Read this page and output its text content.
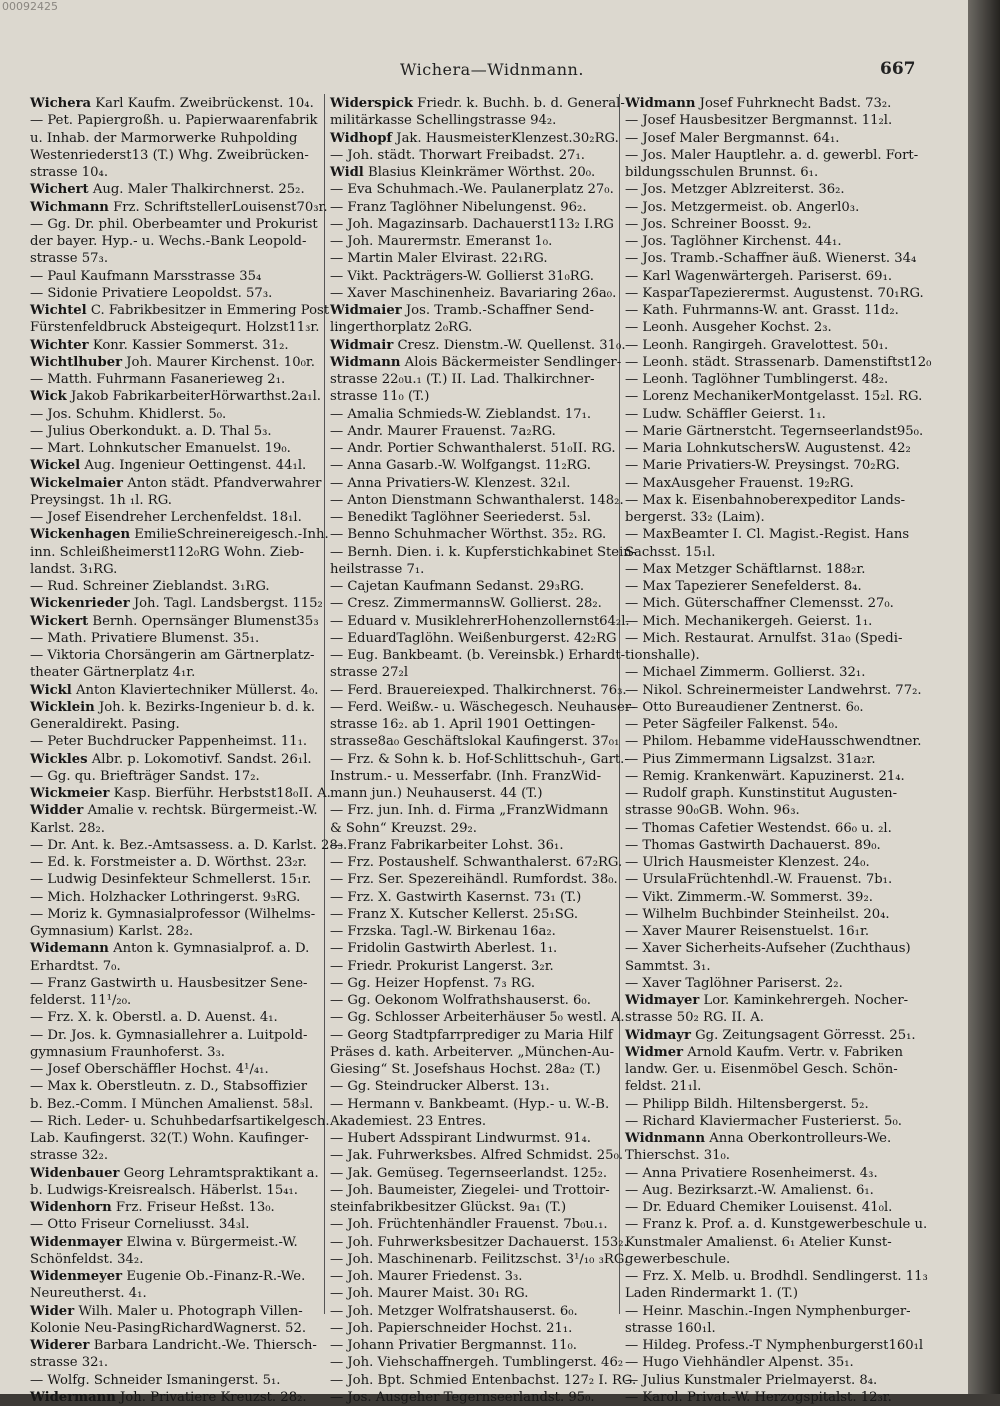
00092425
Wichera—Widnmann.	667
Wichera Karl Kaufm. Zweibrückenst. 10₄.
— Pet. Papiergroßh. u. Papierwaarenfabrik
u. Inhab. der Marmorwerke Ruhpolding
Westenriederst13 (T.) Whg. Zweibrücken-
strasse 10₄.
Wichert Aug. Maler Thalkirchnerst. 25₂.
Wichmann Frz. SchriftstellerLouisenst70₃r.
— Gg. Dr. phil. Oberbeamter und Prokurist
der bayer. Hyp.- u. Wechs.-Bank Leopold-
strasse 57₃.
— Paul Kaufmann Marsstrasse 35₄
— Sidonie Privatiere Leopoldst. 57₃.
Wichtel C. Fabrikbesitzer in Emmering Post
Fürstenfeldbruck Absteigequrt. Holzst11₃r.
Wichter Konr. Kassier Sommerst. 31₂.
Wichtlhuber Joh. Maurer Kirchenst. 10₀r.
— Matth. Fuhrmann Fasanerieweg 2₁.
Wick Jakob FabrikarbeiterHörwarthst.2a₁l.
— Jos. Schuhm. Khidlerst. 5₀.
— Julius Oberkondukt. a. D. Thal 5₃.
— Mart. Lohnkutscher Emanuelst. 19₀.
Wickel Aug. Ingenieur Oettingenst. 44₁l.
Wickelmaier Anton städt. Pfandverwahrer
Preysingst. 1h ₁l. RG.
— Josef Eisendreher Lerchenfeldst. 18₁l.
Wickenhagen EmilieSchreinereigesch.-Inh.
inn. Schleißheimerst112₀RG Wohn. Zieb-
landst. 3₁RG.
— Rud. Schreiner Zieblandst. 3₁RG.
Wickenrieder Joh. Tagl. Landsbergst. 115₂
Wickert Bernh. Opernsänger Blumenst35₃
— Math. Privatiere Blumenst. 35₁.
— Viktoria Chorsängerin am Gärtnerplatz-
theater Gärtnerplatz 4₁r.
Wickl Anton Klaviertechniker Müllerst. 4₀.
Wicklein Joh. k. Bezirks-Ingenieur b. d. k.
Generaldirekt. Pasing.
— Peter Buchdrucker Pappenheimst. 11₁.
Wickles Albr. p. Lokomotivf. Sandst. 26₁l.
— Gg. qu. Briefträger Sandst. 17₂.
Wickmeier Kasp. Bierführ. Herbstst18₀II. A.
Widder Amalie v. rechtsk. Bürgermeist.-W.
Karlst. 28₂.
— Dr. Ant. k. Bez.-Amtsassess. a. D. Karlst. 28₃.
— Ed. k. Forstmeister a. D. Wörthst. 23₂r.
— Ludwig Desinfekteur Schmellerst. 15₁r.
— Mich. Holzhacker Lothringerst. 9₃RG.
— Moriz k. Gymnasialprofessor (Wilhelms-
Gymnasium) Karlst. 28₂.
Widemann Anton k. Gymnasialprof. a. D.
Erhardtst. 7₀.
— Franz Gastwirth u. Hausbesitzer Sene-
felderst. 11¹/₂₀.
— Frz. X. k. Oberstl. a. D. Auenst. 4₁.
— Dr. Jos. k. Gymnasiallehrer a. Luitpold-
gymnasium Fraunhoferst. 3₃.
— Josef Oberschäffler Hochst. 4¹/₄₁.
— Max k. Oberstleutn. z. D., Stabsoffizier
b. Bez.-Comm. I München Amalienst. 58₃l.
— Rich. Leder- u. Schuhbedarfsartikelgesch.
Lab. Kaufingerst. 32(T.) Wohn. Kaufinger-
strasse 32₂.
Widenbauer Georg Lehramtspraktikant a.
b. Ludwigs-Kreisrealsch. Häberlst. 15₄₁.
Widenhorn Frz. Friseur Heßst. 13₀.
— Otto Friseur Corneliusst. 34₃l.
Widenmayer Elwina v. Bürgermeist.-W.
Schönfeldst. 34₂.
Widenmeyer Eugenie Ob.-Finanz-R.-We.
Neureutherst. 4₁.
Wider Wilh. Maler u. Photograph Villen-
Kolonie Neu-PasingRichardWagnerst. 52.
Widerer Barbara Landricht.-We. Thiersch-
strasse 32₁.
— Wolfg. Schneider Ismaningerst. 5₁.
Widermann Joh. Privatiere Kreuzst. 28₂.
Widerspick Friedr. k. Buchh. b. d. General-
militärkasse Schellingstrasse 94₂.
Widhopf Jak. HausmeisterKlenzest.30₂RG.
— Joh. städt. Thorwart Freibadst. 27₁.
Widl Blasius Kleinkrämer Wörthst. 20₀.
— Eva Schuhmach.-We. Paulanerplatz 27₀.
— Franz Taglöhner Nibelungenst. 96₂.
— Joh. Magazinsarb. Dachauerst113₂ I.RG
— Joh. Maurermstr. Emeranst 1₀.
— Martin Maler Elvirast. 22₁RG.
— Vikt. Packträgers-W. Gollierst 31₀RG.
— Xaver Maschinenheiz. Bavariaring 26a₀.
Widmaier Jos. Tramb.-Schaffner Send-
lingerthorplatz 2₀RG.
Widmair Cresz. Dienstm.-W. Quellenst. 31₀.
Widmann Alois Bäckermeister Sendlinger-
strasse 22₀u.₁ (T.) II. Lad. Thalkirchner-
strasse 11₀ (T.)
— Amalia Schmieds-W. Zieblandst. 17₁.
— Andr. Maurer Frauenst. 7a₂RG.
— Andr. Portier Schwanthalerst. 51₀II. RG.
— Anna Gasarb.-W. Wolfgangst. 11₂RG.
— Anna Privatiers-W. Klenzest. 32₁l.
— Anton Dienstmann Schwanthalerst. 148₂.
— Benedikt Taglöhner Seeriederst. 5₃l.
— Benno Schuhmacher Wörthst. 35₂. RG.
— Bernh. Dien. i. k. Kupferstichkabinet Stein-
heilstrasse 7₁.
— Cajetan Kaufmann Sedanst. 29₃RG.
— Cresz. ZimmermannsW. Gollierst. 28₂.
— Eduard v. MusiklehrerHohenzollernst64₂l.
— EduardTaglöhn. Weißenburgerst. 42₂RG
— Eug. Bankbeamt. (b. Vereinsbk.) Erhardt-
strasse 27₂l
— Ferd. Brauereiexped. Thalkirchnerst. 76₃.
— Ferd. Weißw.- u. Wäschegesch. Neuhauser-
strasse 16₂. ab 1. April 1901 Oettingen-
strasse8a₀ Geschäftslokal Kaufingerst. 37₀₁
— Frz. & Sohn k. b. Hof-Schlittschuh-, Gart.-
Instrum.- u. Messerfabr. (Inh. FranzWid-
mann jun.) Neuhauserst. 44 (T.)
— Frz. jun. Inh. d. Firma „FranzWidmann
& Sohn“ Kreuzst. 29₂.
— Franz Fabrikarbeiter Lohst. 36₁.
— Frz. Postaushelf. Schwanthalerst. 67₂RG.
— Frz. Ser. Spezereihändl. Rumfordst. 38₀.
— Frz. X. Gastwirth Kasernst. 73₁ (T.)
— Franz X. Kutscher Kellerst. 25₁SG.
— Frzska. Tagl.-W. Birkenau 16a₂.
— Fridolin Gastwirth Aberlest. 1₁.
— Friedr. Prokurist Langerst. 3₂r.
— Gg. Heizer Hopfenst. 7₃ RG.
— Gg. Oekonom Wolfrathshauserst. 6₀.
— Gg. Schlosser Arbeiterhäuser 5₀ westl. A.
— Georg Stadtpfarrprediger zu Maria Hilf
Präses d. kath. Arbeiterver. „München-Au-
Giesing“ St. Josefshaus Hochst. 28a₂ (T.)
— Gg. Steindrucker Alberst. 13₁.
— Hermann v. Bankbeamt. (Hyp.- u. W.-B.
Akademiest. 23 Entres.
— Hubert Adsspirant Lindwurmst. 91₄.
— Jak. Fuhrwerksbes. Alfred Schmidst. 25₀.
— Jak. Gemüseg. Tegernseerlandst. 125₂.
— Joh. Baumeister, Ziegelei- und Trottoir-
steinfabrikbesitzer Glückst. 9a₁ (T.)
— Joh. Früchtenhändler Frauenst. 7b₀u.₁.
— Joh. Fuhrwerksbesitzer Dachauerst. 153₂.
— Joh. Maschinenarb. Feilitzschst. 3¹/₁₀ ₃RG.
— Joh. Maurer Friedenst. 3₃.
— Joh. Maurer Maist. 30₁ RG.
— Joh. Metzger Wolfratshauserst. 6₀.
— Joh. Papierschneider Hochst. 21₁.
— Johann Privatier Bergmannst. 11₀.
— Joh. Viehschaffnergeh. Tumblingerst. 46₂
— Joh. Bpt. Schmied Entenbachst. 127₂ I. RG.
— Jos. Ausgeher Tegernseerlandst. 95₀.
Widmann Josef Fuhrknecht Badst. 73₂.
— Josef Hausbesitzer Bergmannst. 11₂l.
— Josef Maler Bergmannst. 64₁.
— Jos. Maler Hauptlehr. a. d. gewerbl. Fort-
bildungsschulen Brunnst. 6₁.
— Jos. Metzger Ablzreiterst. 36₂.
— Jos. Metzgermeist. ob. Angerl0₃.
— Jos. Schreiner Boosst. 9₂.
— Jos. Taglöhner Kirchenst. 44₁.
— Jos. Tramb.-Schaffner äuß. Wienerst. 34₄
— Karl Wagenwärtergeh. Pariserst. 69₁.
— KasparTapezierermst. Augustenst. 70₁RG.
— Kath. Fuhrmanns-W. ant. Grasst. 11d₂.
— Leonh. Ausgeher Kochst. 2₃.
— Leonh. Rangirgeh. Gravelottest. 50₁.
— Leonh. städt. Strassenarb. Damenstiftst12₀
— Leonh. Taglöhner Tumblingerst. 48₂.
— Lorenz MechanikerMontgelasst. 15₂l. RG.
— Ludw. Schäffler Geierst. 1₁.
— Marie Gärtnerstcht. Tegernseerlandst95₀.
— Maria LohnkutschersW. Augustenst. 42₂
— Marie Privatiers-W. Preysingst. 70₂RG.
— MaxAusgeher Frauenst. 19₂RG.
— Max k. Eisenbahnoberexpeditor Lands-
bergerst. 33₂ (Laim).
— MaxBeamter I. Cl. Magist.-Regist. Hans
Sachsst. 15₁l.
— Max Metzger Schäftlarnst. 188₂r.
— Max Tapezierer Senefelderst. 8₄.
— Mich. Güterschaffner Clemensst. 27₀.
— Mich. Mechanikergeh. Geierst. 1₁.
— Mich. Restaurat. Arnulfst. 31a₀ (Spedi-
tionshalle).
— Michael Zimmerm. Gollierst. 32₁.
— Nikol. Schreinermeister Landwehrst. 77₂.
— Otto Bureaudiener Zentnerst. 6₀.
— Peter Sägfeiler Falkenst. 54₀.
— Philom. Hebamme videHausschwendtner.
— Pius Zimmermann Ligsalzst. 31a₂r.
— Remig. Krankenwärt. Kapuzinerst. 21₄.
— Rudolf graph. Kunstinstitut Augusten-
strasse 90₀GB. Wohn. 96₃.
— Thomas Cafetier Westendst. 66₀ u. ₂l.
— Thomas Gastwirth Dachauerst. 89₀.
— Ulrich Hausmeister Klenzest. 24₀.
— UrsulaFrüchtenhdl.-W. Frauenst. 7b₁.
— Vikt. Zimmerm.-W. Sommerst. 39₂.
— Wilhelm Buchbinder Steinheilst. 20₄.
— Xaver Maurer Reisenstuelst. 16₁r.
— Xaver Sicherheits-Aufseher (Zuchthaus)
Sammtst. 3₁.
— Xaver Taglöhner Pariserst. 2₂.
Widmayer Lor. Kaminkehrergeh. Nocher-
strasse 50₂ RG. II. A.
Widmayr Gg. Zeitungsagent Görresst. 25₁.
Widmer Arnold Kaufm. Vertr. v. Fabriken
landw. Ger. u. Eisenmöbel Gesch. Schön-
feldst. 21₁l.
— Philipp Bildh. Hiltensbergerst. 5₂.
— Richard Klaviermacher Fusterierst. 5₀.
Widnmann Anna Oberkontrolleurs-We.
Thierschst. 31₀.
— Anna Privatiere Rosenheimerst. 4₃.
— Aug. Bezirksarzt.-W. Amalienst. 6₁.
— Dr. Eduard Chemiker Louisenst. 41₀l.
— Franz k. Prof. a. d. Kunstgewerbeschule u.
Kunstmaler Amalienst. 6₁ Atelier Kunst-
gewerbeschule.
— Frz. X. Melb. u. Brodhdl. Sendlingerst. 11₃
Laden Rindermarkt 1. (T.)
— Heinr. Maschin.-Ingen Nymphenburger-
strasse 160₁l.
— Hildeg. Profess.-T Nymphenburgerst160₁l
— Hugo Viehhändler Alpenst. 35₁.
— Julius Kunstmaler Prielmayerst. 8₄.
— Karol. Privat.-W. Herzogspitalst. 12₃r.
